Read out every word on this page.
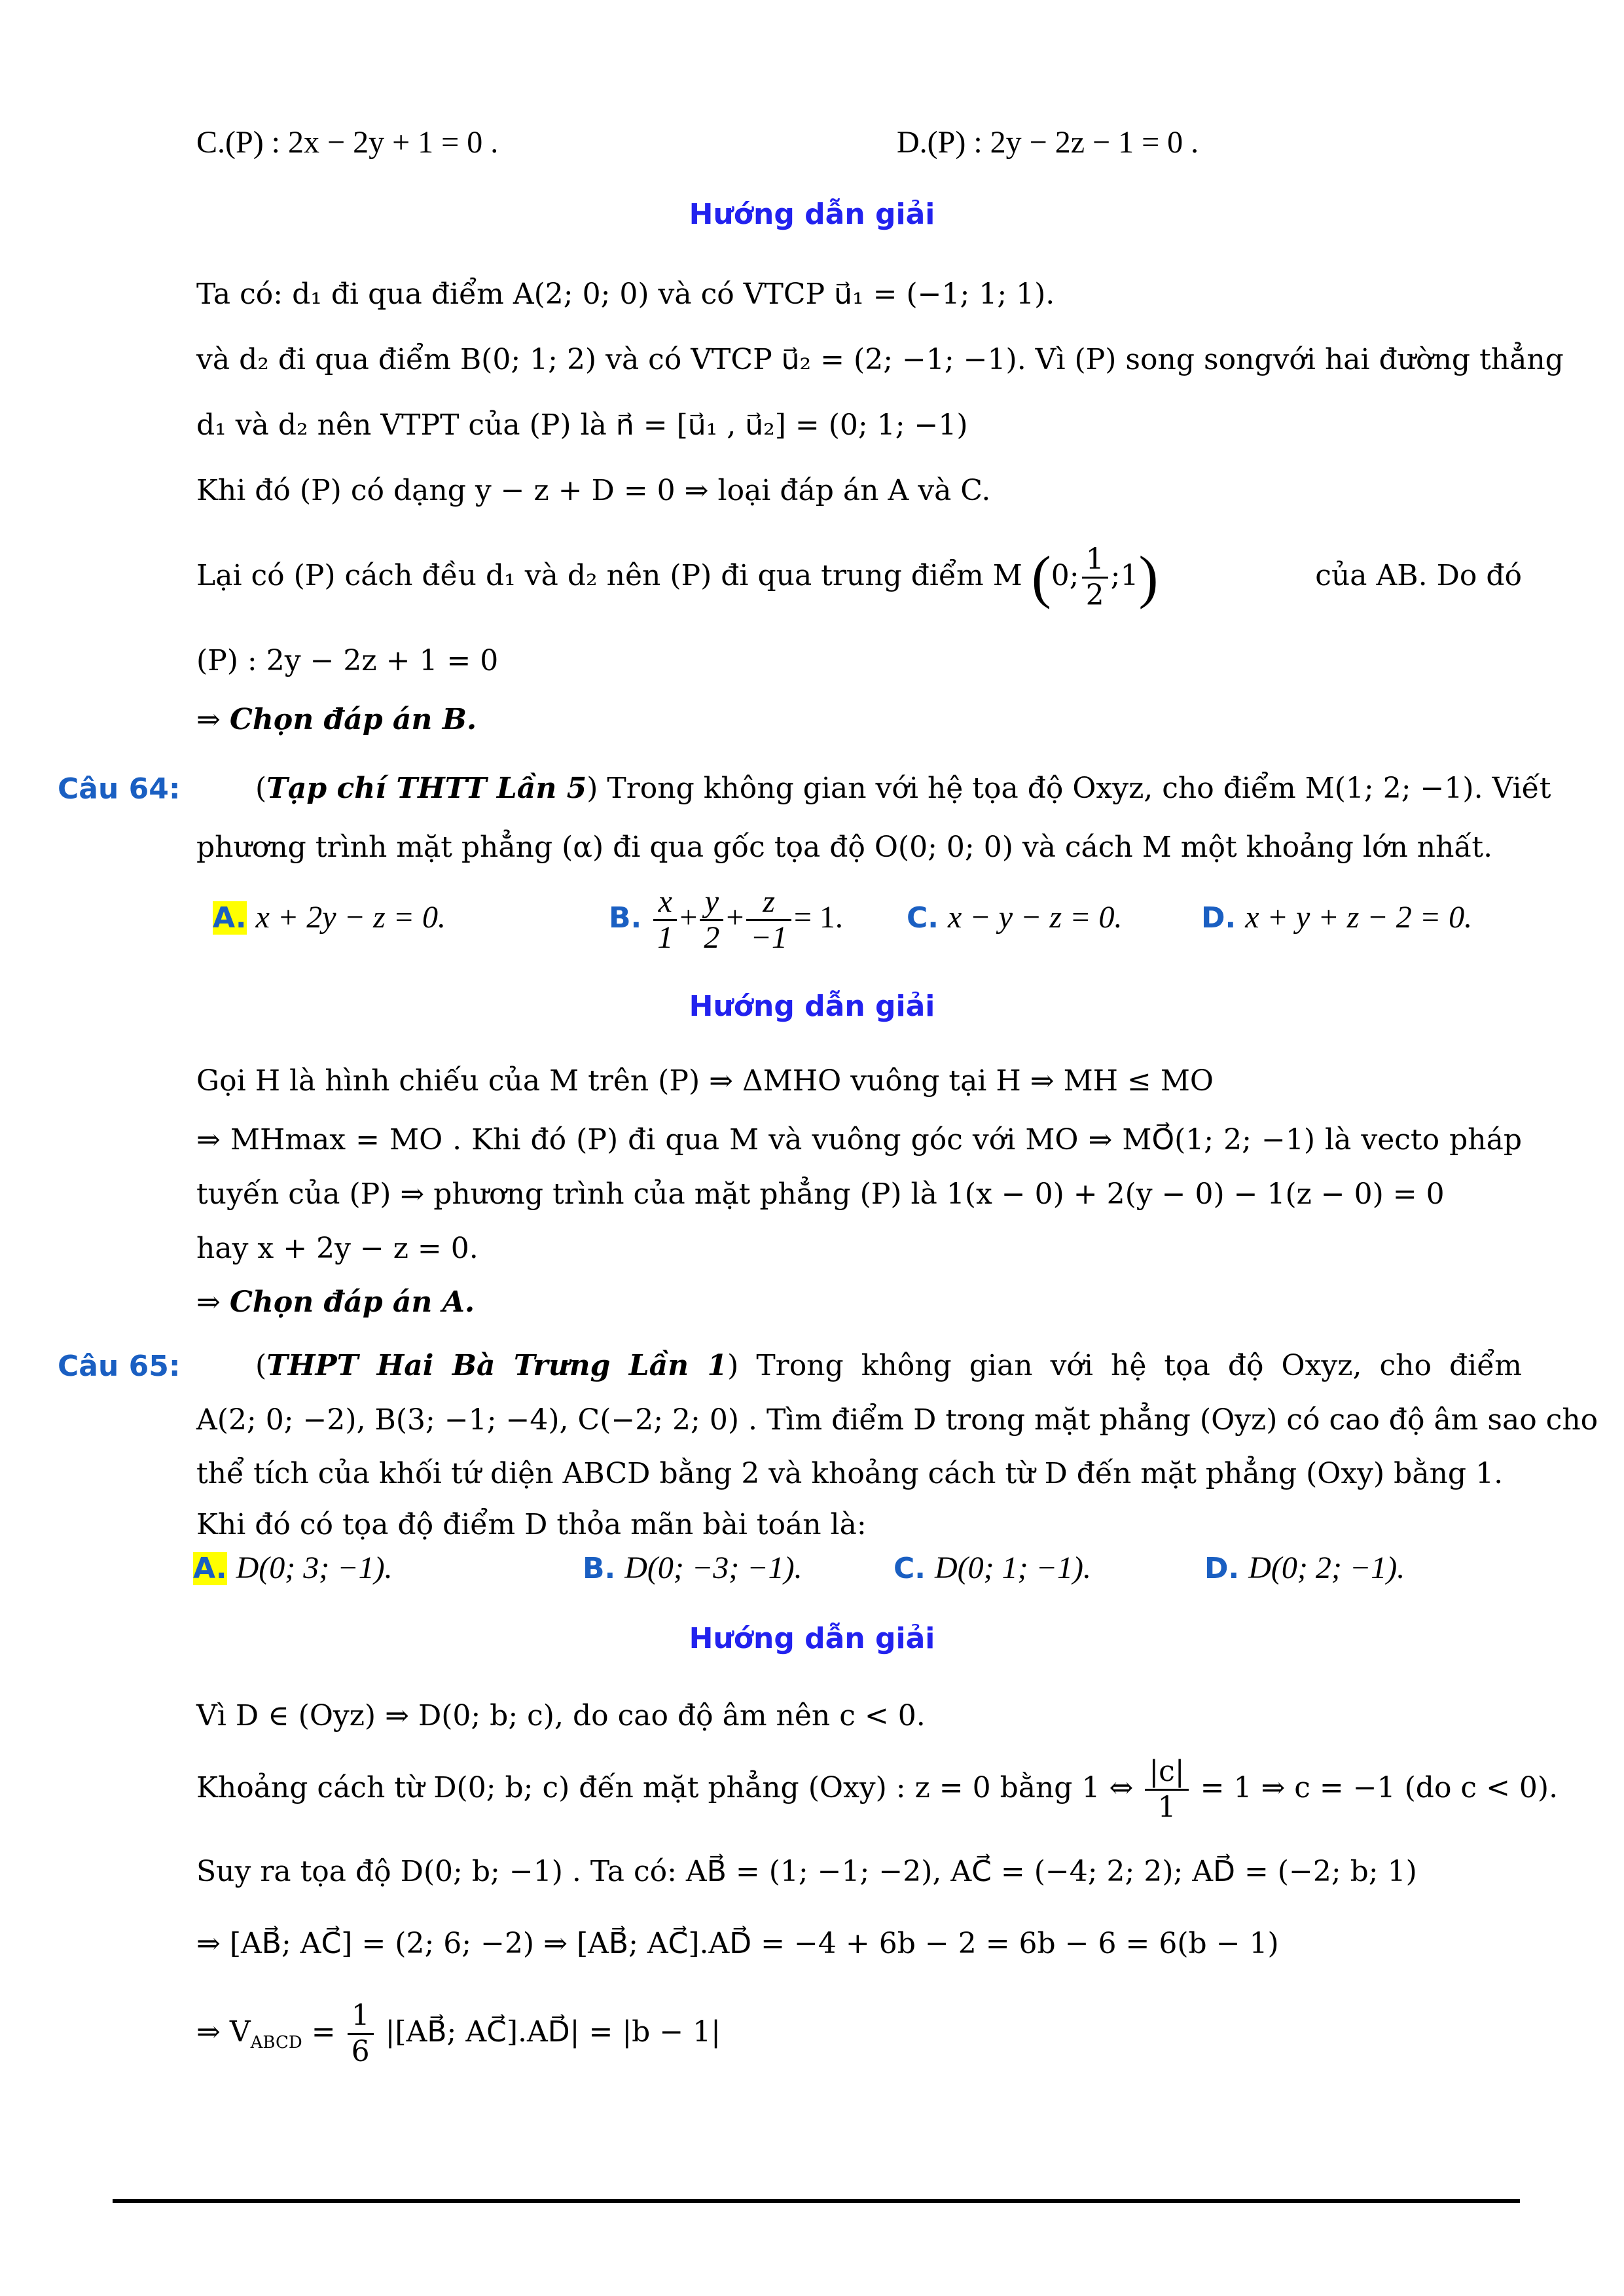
C.(P) : 2x − 2y + 1 = 0 .	D.(P) : 2y − 2z − 1 = 0 .
Hướng dẫn giải
Ta có: d₁ đi qua điểm A(2; 0; 0) và có VTCP u⃗₁ = (−1; 1; 1).
và d₂ đi qua điểm B(0; 1; 2) và có VTCP u⃗₂ = (2; −1; −1). Vì (P) song songvới hai đường thẳng
d₁ và d₂ nên VTPT của (P) là n⃗ = [u⃗₁ , u⃗₂] = (0; 1; −1)
Khi đó (P) có dạng y − z + D = 0 ⇒ loại đáp án A và C.
Lại có (P) cách đều d₁ và d₂ nên (P) đi qua trung điểm M (0; $\frac{1}{2}$ ;1)	của AB. Do đó
(P) : 2y − 2z + 1 = 0
⇒ Chọn đáp án B.
Câu 64:	(Tạp chí THTT Lần 5) Trong không gian với hệ tọa độ Oxyz, cho điểm M(1; 2; −1). Viết
phương trình mặt phẳng (α) đi qua gốc tọa độ O(0; 0; 0) và cách M một khoảng lớn nhất.
A. x + 2y − z = 0.	B. $\frac{x}{1} + \frac{y}{2} + \frac{z}{-1} = 1$. C. x − y − z = 0.	D. x + y + z − 2 = 0.
Hướng dẫn giải
Gọi H là hình chiếu của M trên (P) ⇒ ΔMHO vuông tại H ⇒ MH ≤ MO
⇒ MHmax = MO . Khi đó (P) đi qua M và vuông góc với MO ⇒ MO⃗(1; 2; −1) là vecto pháp
tuyến của (P) ⇒ phương trình của mặt phẳng (P) là 1(x − 0) + 2(y − 0) − 1(z − 0) = 0
hay x + 2y − z = 0.
⇒ Chọn đáp án A.
Câu 65:	(THPT Hai Bà Trưng Lần 1) Trong không gian với hệ tọa độ Oxyz, cho điểm
A(2; 0; −2), B(3; −1; −4), C(−2; 2; 0) . Tìm điểm D trong mặt phẳng (Oyz) có cao độ âm sao cho
thể tích của khối tứ diện ABCD bằng 2 và khoảng cách từ D đến mặt phẳng (Oxy) bằng 1.
Khi đó có tọa độ điểm D thỏa mãn bài toán là:
A. D(0; 3; −1).	B. D(0; −3; −1).	C. D(0; 1; −1).	D. D(0; 2; −1).
Hướng dẫn giải
Vì D ∈ (Oyz) ⇒ D(0; b; c), do cao độ âm nên c < 0.
Khoảng cách từ D(0; b; c) đến mặt phẳng (Oxy) : z = 0 bằng 1 ⇔ $\frac{|c|}{1} = 1$ ⇒ c = −1 (do c < 0).
Suy ra tọa độ D(0; b; −1) . Ta có: AB⃗ = (1; −1; −2), AC⃗ = (−4; 2; 2); AD⃗ = (−2; b; 1)
⇒ [AB⃗; AC⃗] = (2; 6; −2) ⇒ [AB⃗; AC⃗].AD⃗ = −4 + 6b − 2 = 6b − 6 = 6(b − 1)
⇒ $V_{ABCD} = \frac{1}{6}$ |[AB⃗; AC⃗].AD⃗| = |b − 1|
